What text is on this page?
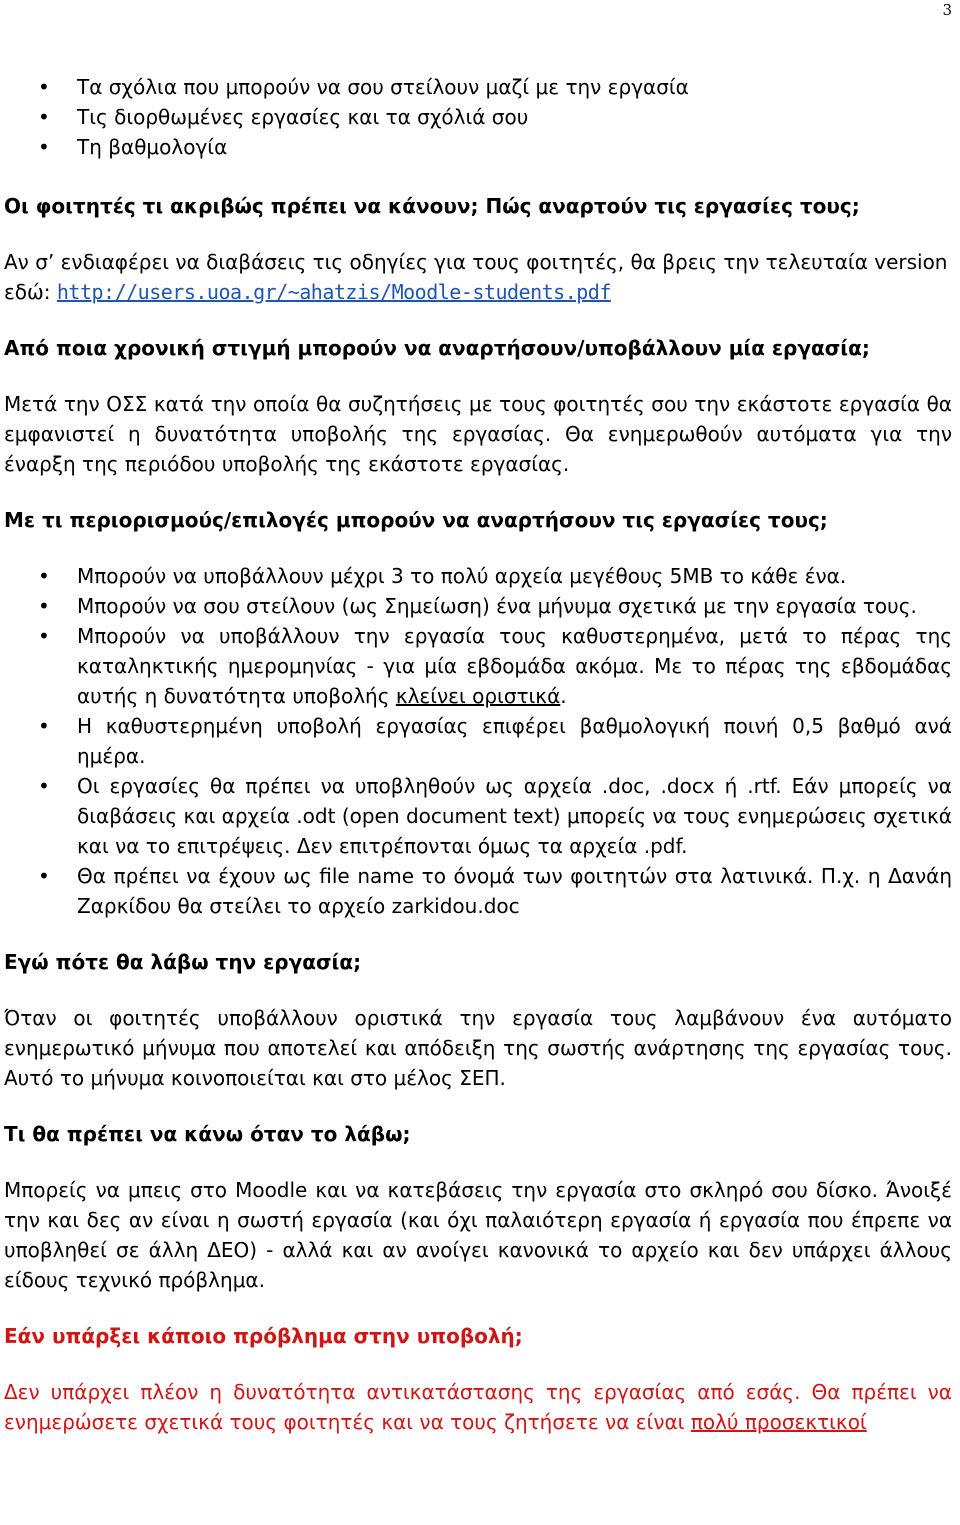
3
• Τα σχόλια που μπορούν να σου στείλουν μαζί με την εργασία
• Τις διορθωμένες εργασίες και τα σχόλιά σου
• Τη βαθμολογία

Οι φοιτητές τι ακριβώς πρέπει να κάνουν; Πώς αναρτούν τις εργασίες τους;

Αν σ’ ενδιαφέρει να διαβάσεις τις οδηγίες για τους φοιτητές, θα βρεις την τελευταία version εδώ: http://users.uoa.gr/~ahatzis/Moodle-students.pdf

Από ποια χρονική στιγμή μπορούν να αναρτήσουν/υποβάλλουν μία εργασία;

Μετά την ΟΣΣ κατά την οποία θα συζητήσεις με τους φοιτητές σου την εκάστοτε εργασία θα εμφανιστεί η δυνατότητα υποβολής της εργασίας. Θα ενημερωθούν αυτόματα για την έναρξη της περιόδου υποβολής της εκάστοτε εργασίας.

Με τι περιορισμούς/επιλογές μπορούν να αναρτήσουν τις εργασίες τους;

• Μπορούν να υποβάλλουν μέχρι 3 το πολύ αρχεία μεγέθους 5MB το κάθε ένα.
• Μπορούν να σου στείλουν (ως Σημείωση) ένα μήνυμα σχετικά με την εργασία τους.
• Μπορούν να υποβάλλουν την εργασία τους καθυστερημένα, μετά το πέρας της καταληκτικής ημερομηνίας - για μία εβδομάδα ακόμα. Με το πέρας της εβδομάδας αυτής η δυνατότητα υποβολής κλείνει οριστικά.
• Η καθυστερημένη υποβολή εργασίας επιφέρει βαθμολογική ποινή 0,5 βαθμό ανά ημέρα.
• Οι εργασίες θα πρέπει να υποβληθούν ως αρχεία .doc, .docx ή .rtf. Εάν μπορείς να διαβάσεις και αρχεία .odt (open document text) μπορείς να τους ενημερώσεις σχετικά και να το επιτρέψεις. Δεν επιτρέπονται όμως τα αρχεία .pdf.
• Θα πρέπει να έχουν ως file name το όνομά των φοιτητών στα λατινικά. Π.χ. η Δανάη Ζαρκίδου θα στείλει το αρχείο zarkidou.doc

Εγώ πότε θα λάβω την εργασία;

Όταν οι φοιτητές υποβάλλουν οριστικά την εργασία τους λαμβάνουν ένα αυτόματο ενημερωτικό μήνυμα που αποτελεί και απόδειξη της σωστής ανάρτησης της εργασίας τους. Αυτό το μήνυμα κοινοποιείται και στο μέλος ΣΕΠ.

Τι θα πρέπει να κάνω όταν το λάβω;

Μπορείς να μπεις στο Moodle και να κατεβάσεις την εργασία στο σκληρό σου δίσκο. Άνοιξέ την και δες αν είναι η σωστή εργασία (και όχι παλαιότερη εργασία ή εργασία που έπρεπε να υποβληθεί σε άλλη ΔΕΟ) - αλλά και αν ανοίγει κανονικά το αρχείο και δεν υπάρχει άλλους είδους τεχνικό πρόβλημα.

Εάν υπάρξει κάποιο πρόβλημα στην υποβολή;

Δεν υπάρχει πλέον η δυνατότητα αντικατάστασης της εργασίας από εσάς. Θα πρέπει να ενημερώσετε σχετικά τους φοιτητές και να τους ζητήσετε να είναι πολύ προσεκτικοί
